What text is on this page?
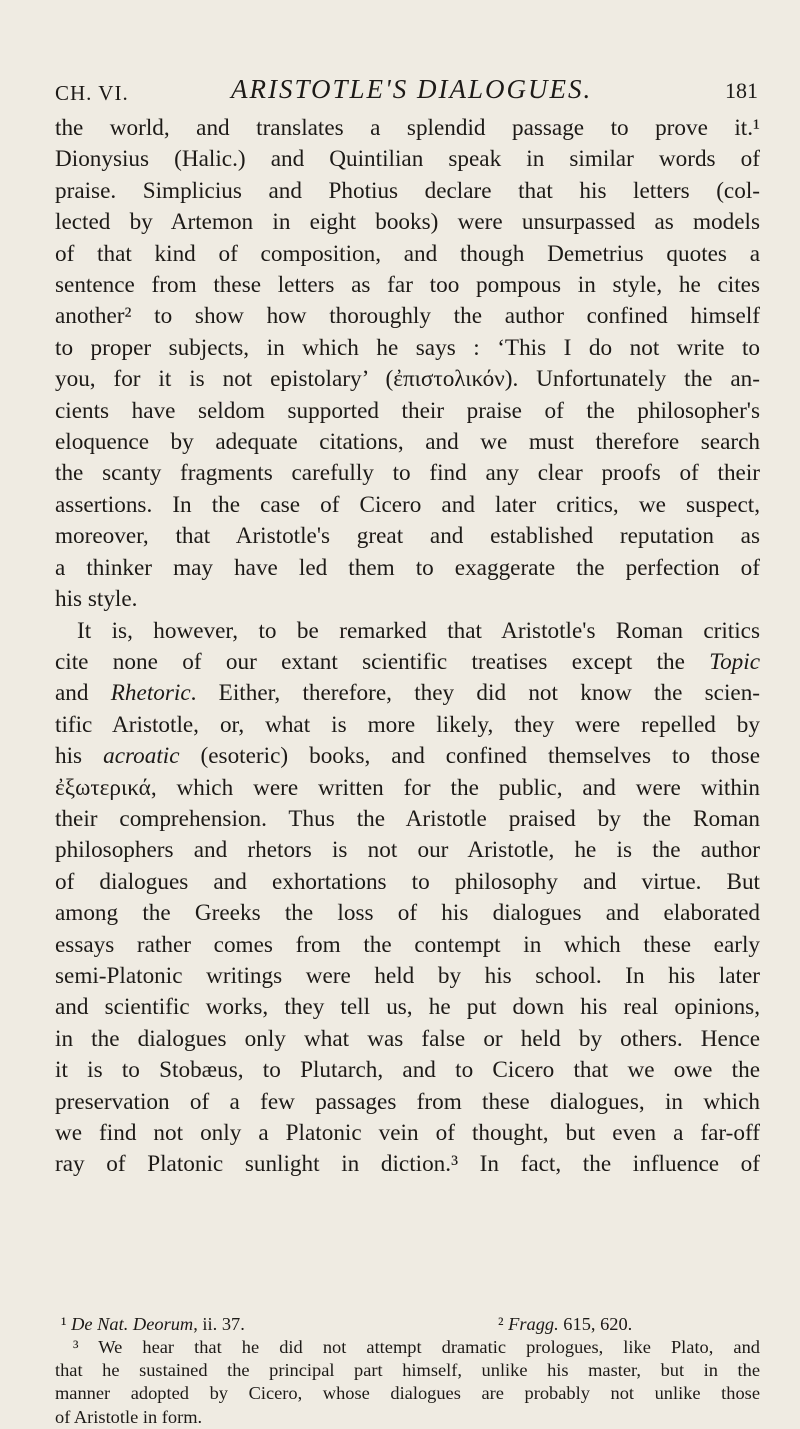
CH. VI.	ARISTOTLE'S DIALOGUES.	181
the world, and translates a splendid passage to prove it.¹
Dionysius (Halic.) and Quintilian speak in similar words of
praise. Simplicius and Photius declare that his letters (col-
lected by Artemon in eight books) were unsurpassed as models
of that kind of composition, and though Demetrius quotes a
sentence from these letters as far too pompous in style, he cites
another² to show how thoroughly the author confined himself
to proper subjects, in which he says : ‘This I do not write to
you, for it is not epistolary’ (ἐπιστολικόν). Unfortunately the an-
cients have seldom supported their praise of the philosopher's
eloquence by adequate citations, and we must therefore search
the scanty fragments carefully to find any clear proofs of their
assertions. In the case of Cicero and later critics, we suspect,
moreover, that Aristotle's great and established reputation as
a thinker may have led them to exaggerate the perfection of
his style.
It is, however, to be remarked that Aristotle's Roman critics
cite none of our extant scientific treatises except the Topic
and Rhetoric. Either, therefore, they did not know the scien-
tific Aristotle, or, what is more likely, they were repelled by
his acroatic (esoteric) books, and confined themselves to those
ἐξωτερικά, which were written for the public, and were within
their comprehension. Thus the Aristotle praised by the Roman
philosophers and rhetors is not our Aristotle, he is the author
of dialogues and exhortations to philosophy and virtue. But
among the Greeks the loss of his dialogues and elaborated
essays rather comes from the contempt in which these early
semi-Platonic writings were held by his school. In his later
and scientific works, they tell us, he put down his real opinions,
in the dialogues only what was false or held by others. Hence
it is to Stobæus, to Plutarch, and to Cicero that we owe the
preservation of a few passages from these dialogues, in which
we find not only a Platonic vein of thought, but even a far-off
ray of Platonic sunlight in diction.³ In fact, the influence of
¹ De Nat. Deorum, ii. 37.	² Fragg. 615, 620.
³ We hear that he did not attempt dramatic prologues, like Plato, and
that he sustained the principal part himself, unlike his master, but in the
manner adopted by Cicero, whose dialogues are probably not unlike those
of Aristotle in form.
